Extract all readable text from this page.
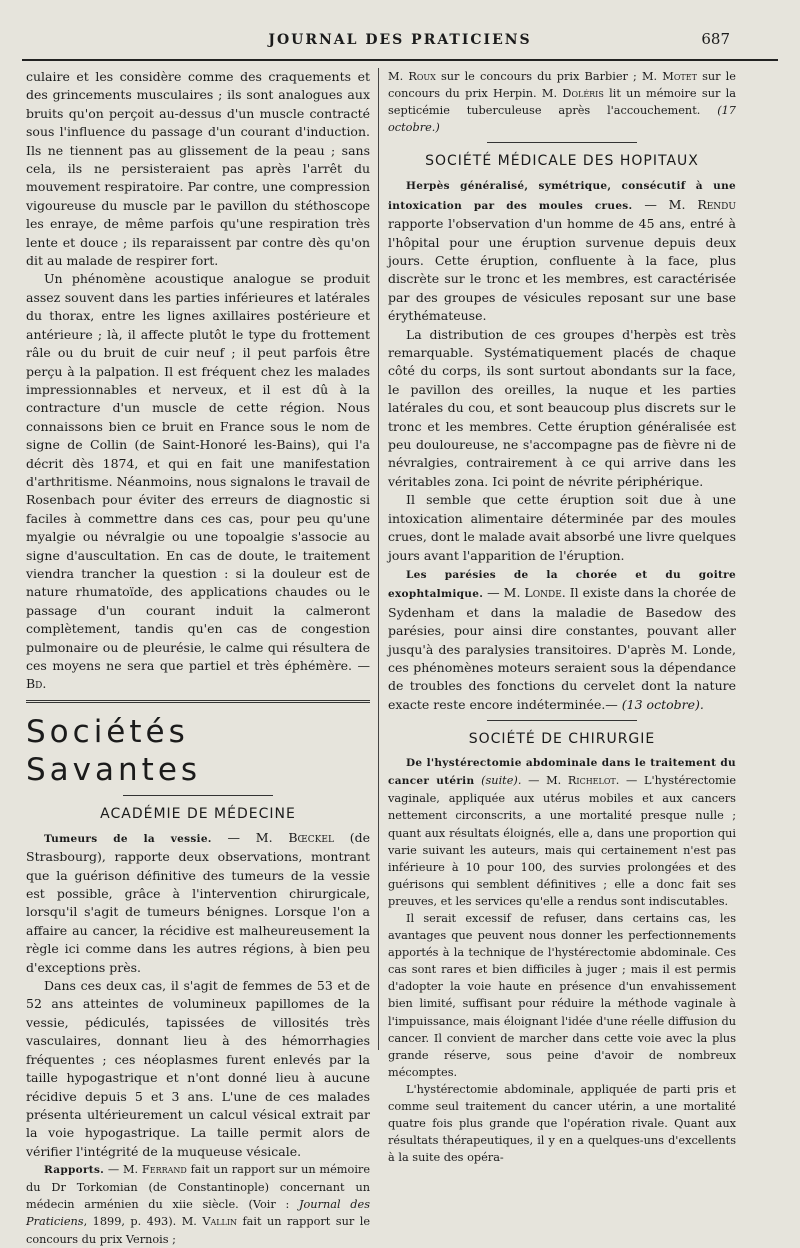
JOURNAL DES PRATICIENS	687

culaire et les considère comme des craquements et des grincements musculaires ; ils sont analogues aux bruits qu'on perçoit au-dessus d'un muscle contracté sous l'influence du passage d'un courant d'induction. Ils ne tiennent pas au glissement de la peau ; sans cela, ils ne persisteraient pas après l'arrêt du mouvement respiratoire. Par contre, une compression vigoureuse du muscle par le pavillon du stéthoscope les enraye, de même parfois qu'une respiration très lente et douce ; ils reparaissent par contre dès qu'on dit au malade de respirer fort.

Un phénomène acoustique analogue se produit assez souvent dans les parties inférieures et latérales du thorax, entre les lignes axillaires postérieure et antérieure ; là, il affecte plutôt le type du frottement râle ou du bruit de cuir neuf ; il peut parfois être perçu à la palpation. Il est fréquent chez les malades impressionnables et nerveux, et il est dû à la contracture d'un muscle de cette région. Nous connaissons bien ce bruit en France sous le nom de signe de Collin (de Saint-Honoré les-Bains), qui l'a décrit dès 1874, et qui en fait une manifestation d'arthritisme. Néanmoins, nous signalons le travail de Rosenbach pour éviter des erreurs de diagnostic si faciles à commettre dans ces cas, pour peu qu'une myalgie ou névralgie ou une topoalgie s'associe au signe d'auscultation. En cas de doute, le traitement viendra trancher la question : si la douleur est de nature rhumatoïde, des applications chaudes ou le passage d'un courant induit la calmeront complètement, tandis qu'en cas de congestion pulmonaire ou de pleurésie, le calme qui résultera de ces moyens ne sera que partiel et très éphémère. — Bd.

Sociétés Savantes
ACADÉMIE DE MÉDECINE

Tumeurs de la vessie. — M. Bœckel (de Strasbourg), rapporte deux observations, montrant que la guérison définitive des tumeurs de la vessie est possible, grâce à l'intervention chirurgicale, lorsqu'il s'agit de tumeurs bénignes. Lorsque l'on a affaire au cancer, la récidive est malheureusement la règle ici comme dans les autres régions, à bien peu d'exceptions près.

Dans ces deux cas, il s'agit de femmes de 53 et de 52 ans atteintes de volumineux papillomes de la vessie, pédiculés, tapissées de villosités très vasculaires, donnant lieu à des hémorrhagies fréquentes ; ces néoplasmes furent enlevés par la taille hypogastrique et n'ont donné lieu à aucune récidive depuis 5 et 3 ans. L'une de ces malades présenta ultérieurement un calcul vésical extrait par la voie hypogastrique. La taille permit alors de vérifier l'intégrité de la muqueuse vésicale.

Rapports. — M. Ferrand fait un rapport sur un mémoire du Dr Torkomian (de Constantinople) concernant un médecin arménien du xiie siècle. (Voir : Journal des Praticiens, 1899, p. 493). M. Vallin fait un rapport sur le concours du prix Vernois ;

M. Roux sur le concours du prix Barbier ; M. Motet sur le concours du prix Herpin. M. Doléris lit un mémoire sur la septicémie tuberculeuse après l'accouchement. (17 octobre.)

SOCIÉTÉ MÉDICALE DES HOPITAUX

Herpès généralisé, symétrique, consécutif à une intoxication par des moules crues. — M. Rendu rapporte l'observation d'un homme de 45 ans, entré à l'hôpital pour une éruption survenue depuis deux jours. Cette éruption, confluente à la face, plus discrète sur le tronc et les membres, est caractérisée par des groupes de vésicules reposant sur une base érythémateuse.

La distribution de ces groupes d'herpès est très remarquable. Systématiquement placés de chaque côté du corps, ils sont surtout abondants sur la face, le pavillon des oreilles, la nuque et les parties latérales du cou, et sont beaucoup plus discrets sur le tronc et les membres. Cette éruption généralisée est peu douloureuse, ne s'accompagne pas de fièvre ni de névralgies, contrairement à ce qui arrive dans les véritables zona. Ici point de névrite périphérique.

Il semble que cette éruption soit due à une intoxication alimentaire déterminée par des moules crues, dont le malade avait absorbé une livre quelques jours avant l'apparition de l'éruption.

Les parésies de la chorée et du goitre exophtalmique. — M. Londe. Il existe dans la chorée de Sydenham et dans la maladie de Basedow des parésies, pour ainsi dire constantes, pouvant aller jusqu'à des paralysies transitoires. D'après M. Londe, ces phénomènes moteurs seraient sous la dépendance de troubles des fonctions du cervelet dont la nature exacte reste encore indéterminée.— (13 octobre).

SOCIÉTÉ DE CHIRURGIE

De l'hystérectomie abdominale dans le traitement du cancer utérin (suite). — M. Richelot. — L'hystérectomie vaginale, appliquée aux utérus mobiles et aux cancers nettement circonscrits, a une mortalité presque nulle ; quant aux résultats éloignés, elle a, dans une proportion qui varie suivant les auteurs, mais qui certainement n'est pas inférieure à 10 pour 100, des survies prolongées et des guérisons qui semblent définitives ; elle a donc fait ses preuves, et les services qu'elle a rendus sont indiscutables.

Il serait excessif de refuser, dans certains cas, les avantages que peuvent nous donner les perfectionnements apportés à la technique de l'hystérectomie abdominale. Ces cas sont rares et bien difficiles à juger ; mais il est permis d'adopter la voie haute en présence d'un envahissement bien limité, suffisant pour réduire la méthode vaginale à l'impuissance, mais éloignant l'idée d'une réelle diffusion du cancer. Il convient de marcher dans cette voie avec la plus grande réserve, sous peine d'avoir de nombreux mécomptes.

L'hystérectomie abdominale, appliquée de parti pris et comme seul traitement du cancer utérin, a une mortalité quatre fois plus grande que l'opération rivale. Quant aux résultats thérapeutiques, il y en a quelques-uns d'excellents à la suite des opéra-
